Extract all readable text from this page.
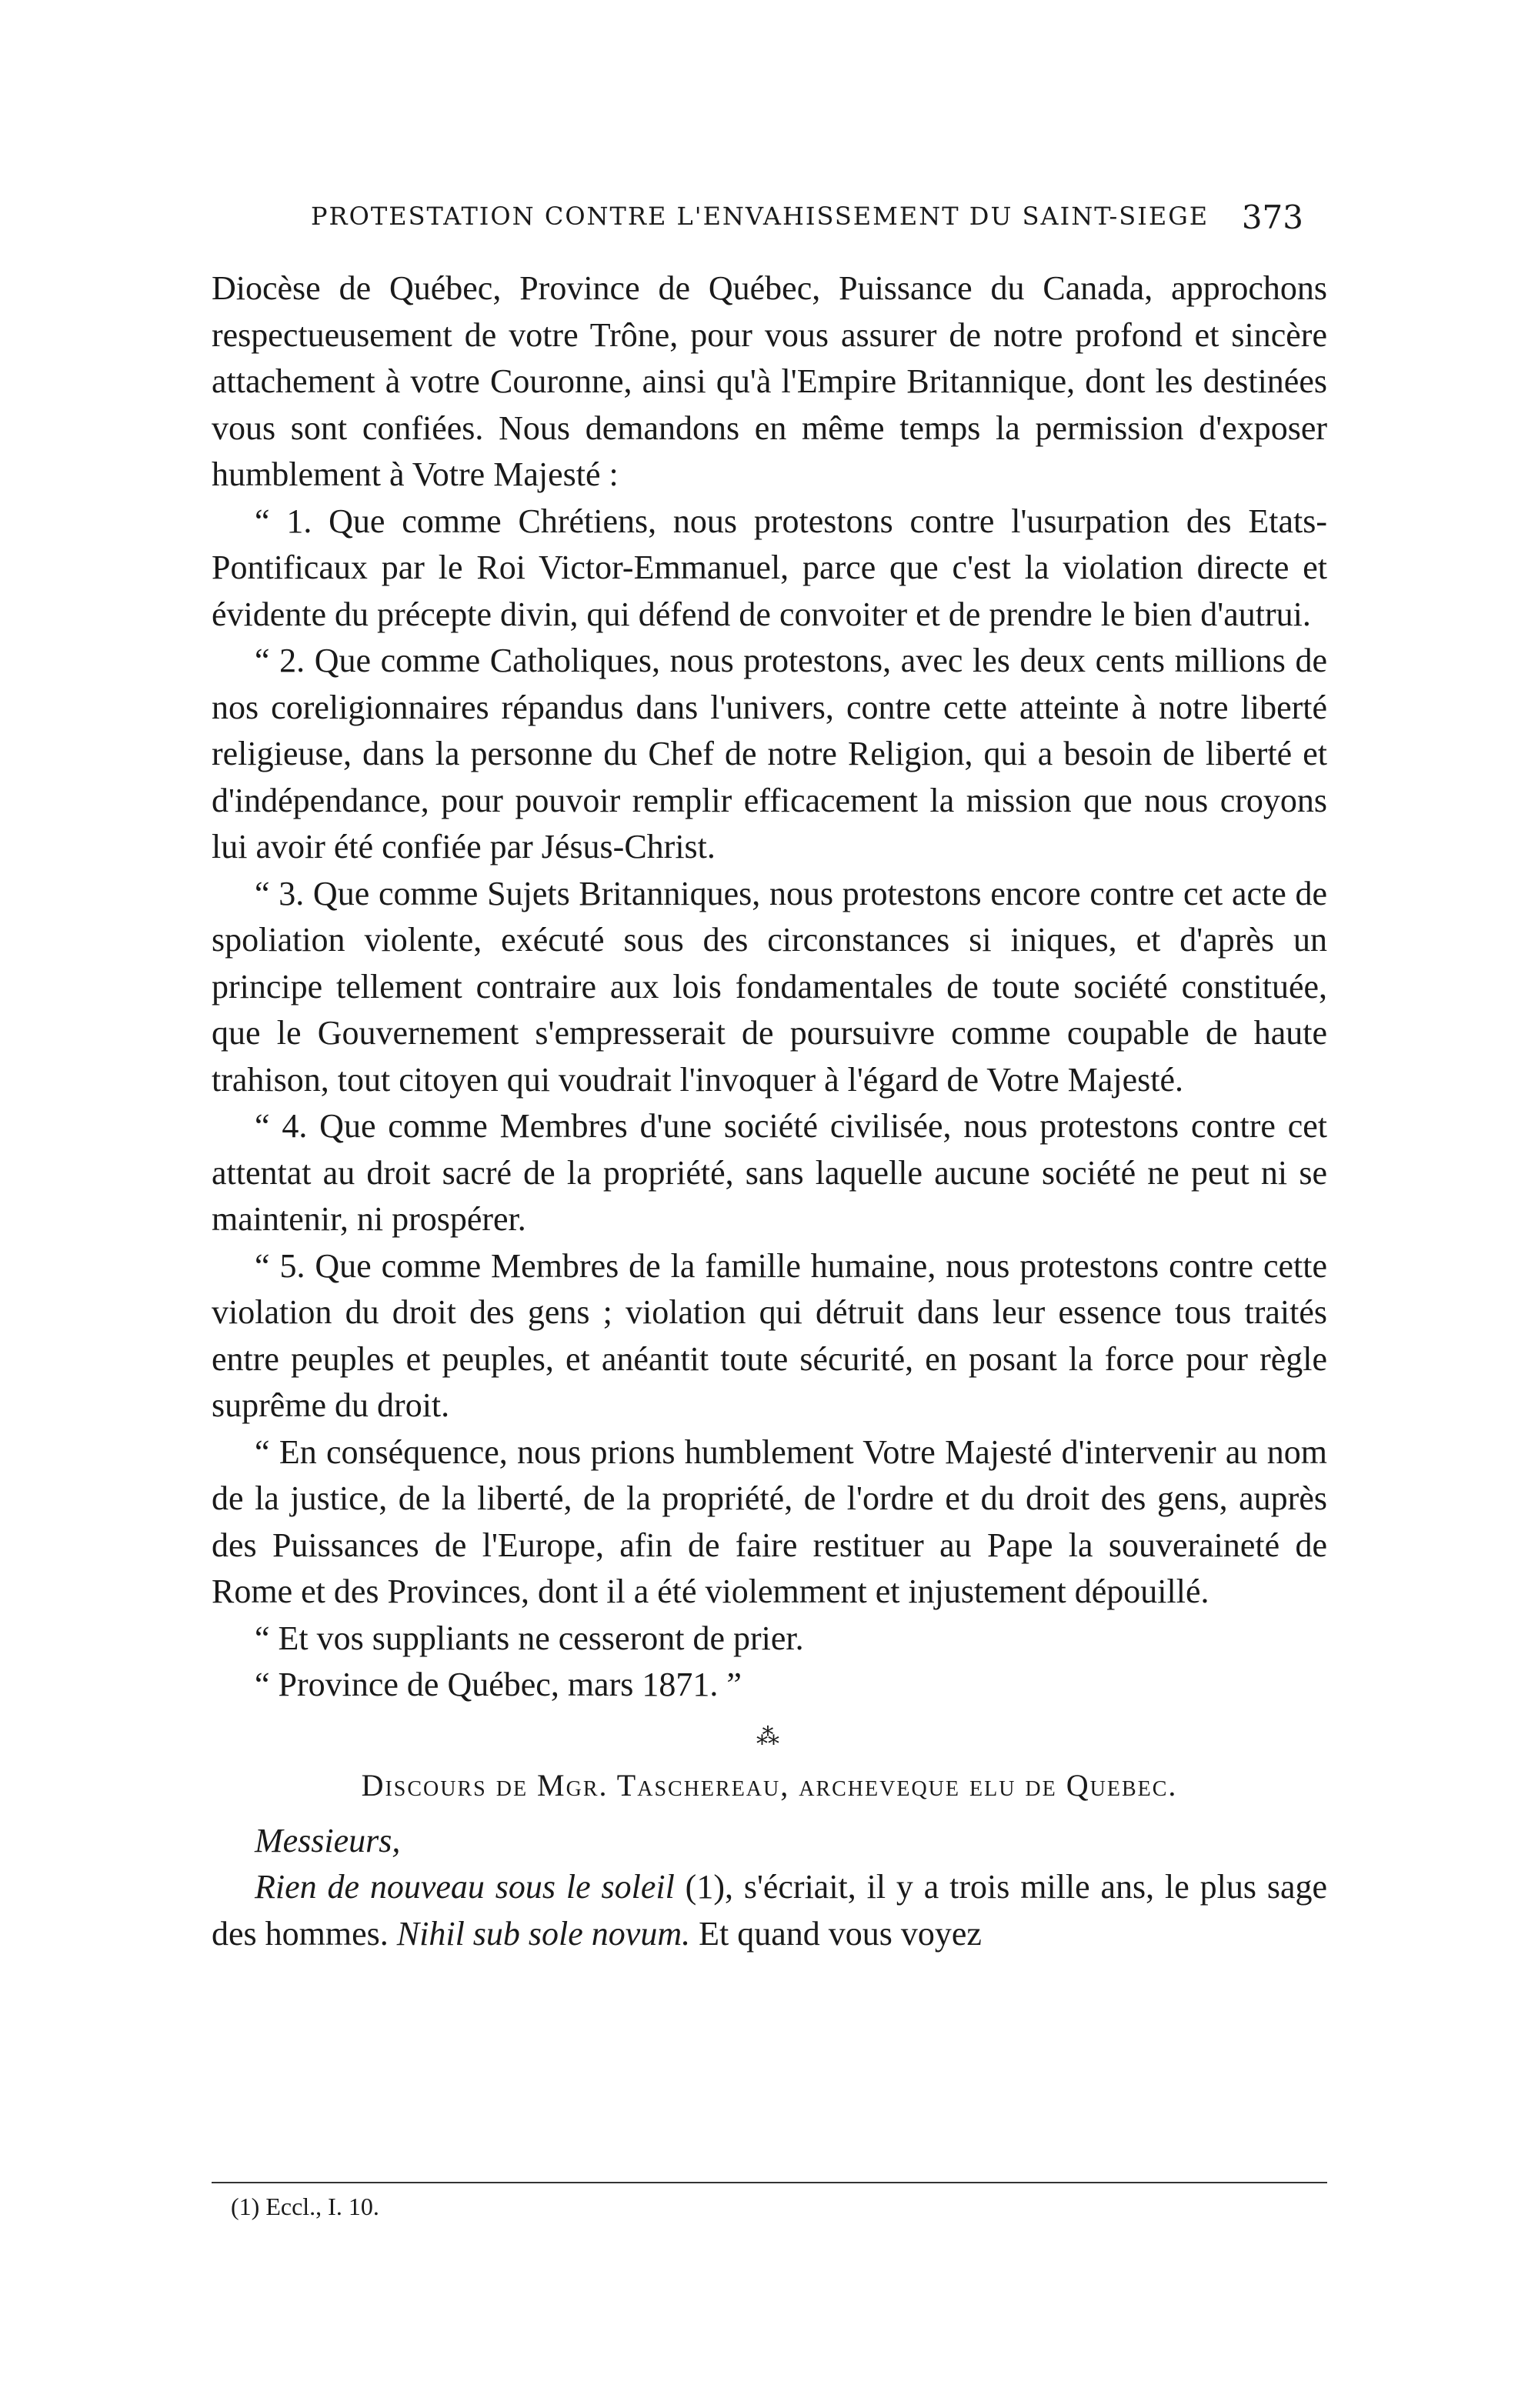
PROTESTATION CONTRE L'ENVAHISSEMENT DU SAINT-SIEGE 373

Diocèse de Québec, Province de Québec, Puissance du Canada, approchons respectueusement de votre Trône, pour vous assurer de notre profond et sincère attachement à votre Couronne, ainsi qu'à l'Empire Britannique, dont les destinées vous sont confiées. Nous demandons en même temps la permission d'exposer humblement à Votre Majesté :

“ 1. Que comme Chrétiens, nous protestons contre l'usurpation des Etats-Pontificaux par le Roi Victor-Emmanuel, parce que c'est la violation directe et évidente du précepte divin, qui défend de convoiter et de prendre le bien d'autrui.

“ 2. Que comme Catholiques, nous protestons, avec les deux cents millions de nos coreligionnaires répandus dans l'univers, contre cette atteinte à notre liberté religieuse, dans la personne du Chef de notre Religion, qui a besoin de liberté et d'indépendance, pour pouvoir remplir efficacement la mission que nous croyons lui avoir été confiée par Jésus-Christ.

“ 3. Que comme Sujets Britanniques, nous protestons encore contre cet acte de spoliation violente, exécuté sous des circonstances si iniques, et d'après un principe tellement contraire aux lois fondamentales de toute société constituée, que le Gouvernement s'empresserait de poursuivre comme coupable de haute trahison, tout citoyen qui voudrait l'invoquer à l'égard de Votre Majesté.

“ 4. Que comme Membres d'une société civilisée, nous protestons contre cet attentat au droit sacré de la propriété, sans laquelle aucune société ne peut ni se maintenir, ni prospérer.

“ 5. Que comme Membres de la famille humaine, nous protestons contre cette violation du droit des gens ; violation qui détruit dans leur essence tous traités entre peuples et peuples, et anéantit toute sécurité, en posant la force pour règle suprême du droit.

“ En conséquence, nous prions humblement Votre Majesté d'intervenir au nom de la justice, de la liberté, de la propriété, de l'ordre et du droit des gens, auprès des Puissances de l'Europe, afin de faire restituer au Pape la souveraineté de Rome et des Provinces, dont il a été violemment et injustement dépouillé.

“ Et vos suppliants ne cesseront de prier.

“ Province de Québec, mars 1871. ”

⁂
Discours de Mgr. Taschereau, archeveque elu de Quebec.

Messieurs,

Rien de nouveau sous le soleil (1), s'écriait, il y a trois mille ans, le plus sage des hommes. Nihil sub sole novum. Et quand vous voyez

(1) Eccl., I. 10.
